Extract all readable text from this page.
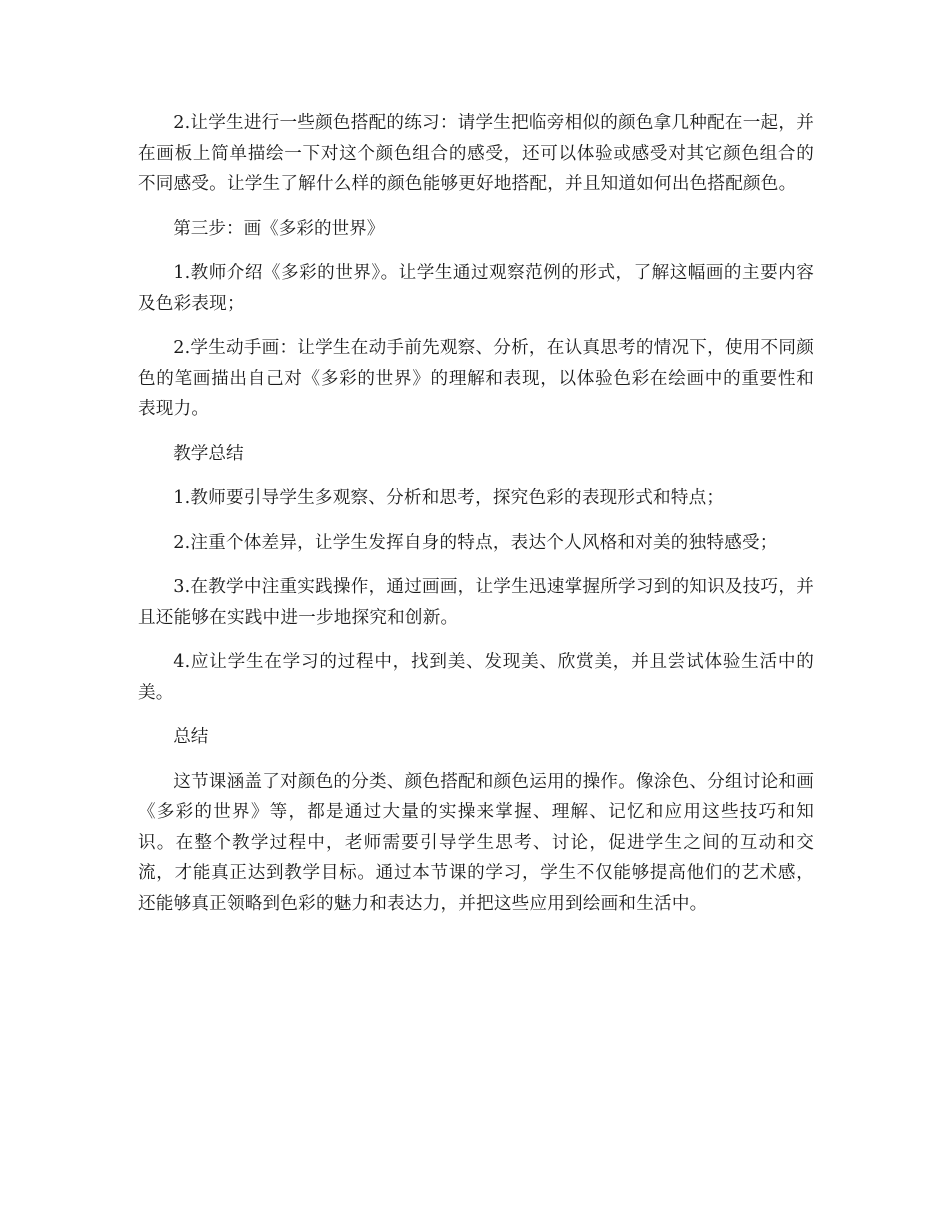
2.让学生进行一些颜色搭配的练习：请学生把临旁相似的颜色拿几种配在一起，并在画板上简单描绘一下对这个颜色组合的感受，还可以体验或感受对其它颜色组合的不同感受。让学生了解什么样的颜色能够更好地搭配，并且知道如何出色搭配颜色。

第三步：画《多彩的世界》

1.教师介绍《多彩的世界》。让学生通过观察范例的形式，了解这幅画的主要内容及色彩表现；

2.学生动手画：让学生在动手前先观察、分析，在认真思考的情况下，使用不同颜色的笔画描出自己对《多彩的世界》的理解和表现，以体验色彩在绘画中的重要性和表现力。

教学总结

1.教师要引导学生多观察、分析和思考，探究色彩的表现形式和特点；

2.注重个体差异，让学生发挥自身的特点，表达个人风格和对美的独特感受；

3.在教学中注重实践操作，通过画画，让学生迅速掌握所学习到的知识及技巧，并且还能够在实践中进一步地探究和创新。

4.应让学生在学习的过程中，找到美、发现美、欣赏美，并且尝试体验生活中的美。

总结

这节课涵盖了对颜色的分类、颜色搭配和颜色运用的操作。像涂色、分组讨论和画《多彩的世界》等，都是通过大量的实操来掌握、理解、记忆和应用这些技巧和知识。在整个教学过程中，老师需要引导学生思考、讨论，促进学生之间的互动和交流，才能真正达到教学目标。通过本节课的学习，学生不仅能够提高他们的艺术感，还能够真正领略到色彩的魅力和表达力，并把这些应用到绘画和生活中。
